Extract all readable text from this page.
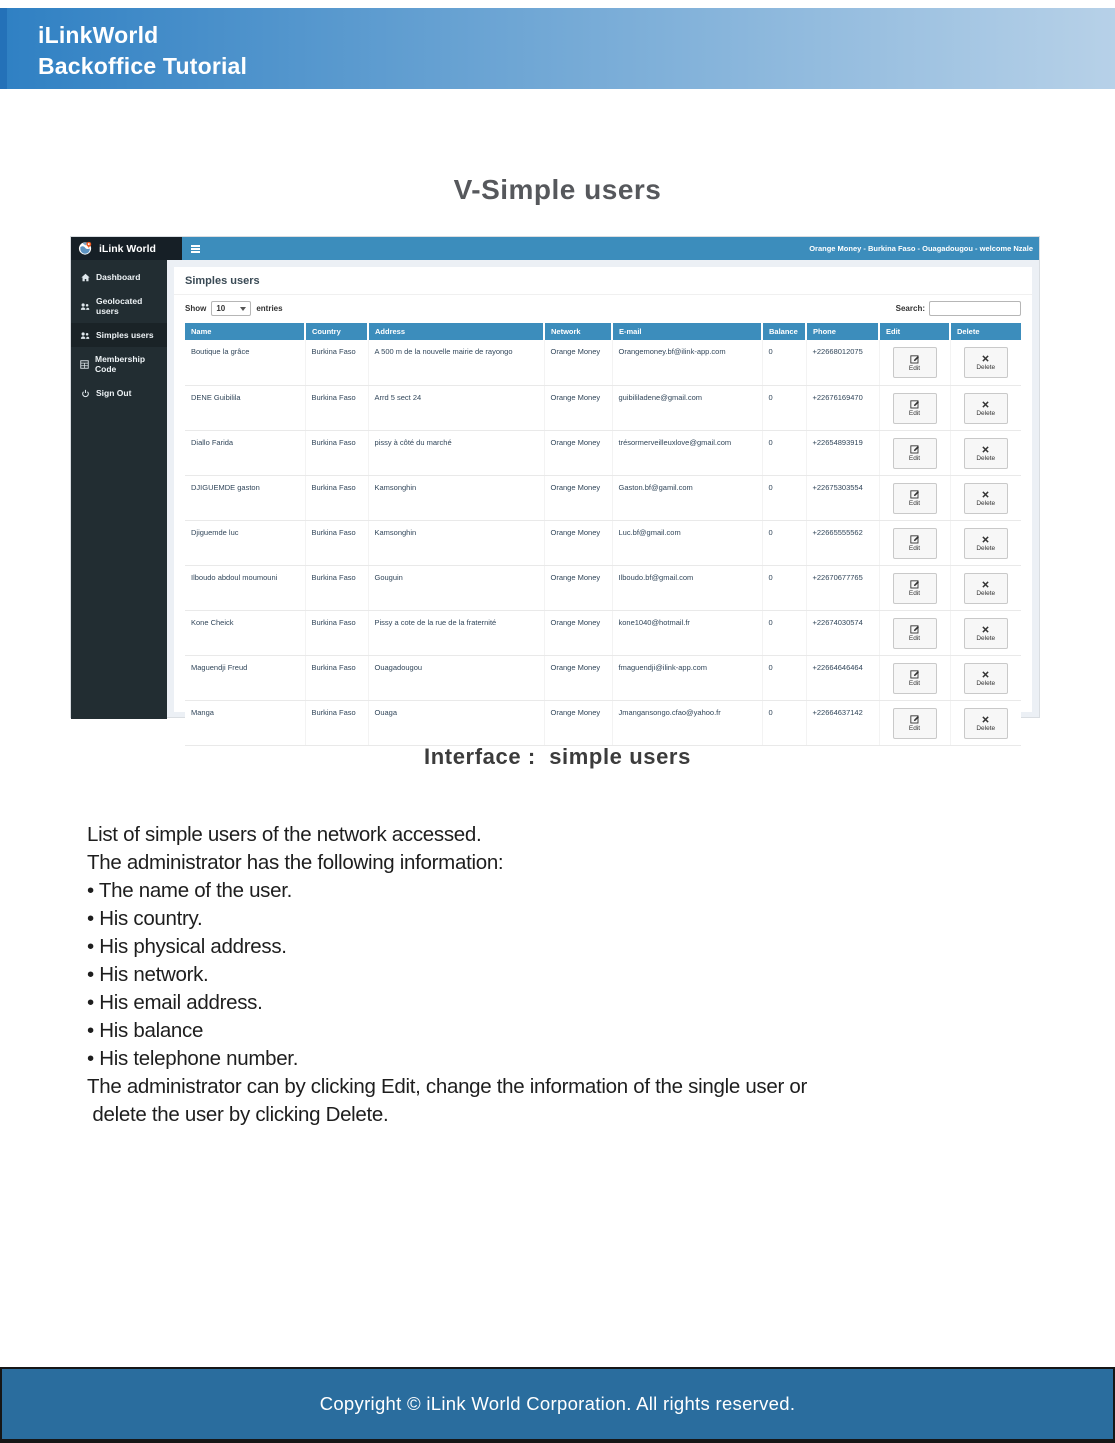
iLinkWorld
Backoffice Tutorial
V-Simple users
iLink World	Orange Money - Burkina Faso - Ouagadougou - welcome Nzale
Dashboard
Geolocated users
Simples users
Membership Code
Sign Out
Simples users
Show 10	entries	Search:
Name	Country	Address	Network	E-mail	Balance	Phone	Edit	Delete
Boutique la grâce	Burkina Faso	A 500 m de la nouvelle mairie de rayongo	Orange Money	Orangemoney.bf@ilink-app.com	0	+22668012075	Edit	Delete

DENE Guibilila	Burkina Faso	Arrd 5 sect 24	Orange Money	guibililadene@gmail.com	0	+22676169470	Edit	Delete

Diallo Farida	Burkina Faso	pissy à côté du marché	Orange Money	trésormerveilleuxlove@gmail.com	0	+22654893919	Edit	Delete

DJIGUEMDE gaston	Burkina Faso	Kamsonghin	Orange Money	Gaston.bf@gamil.com	0	+22675303554	Edit	Delete

Djiguemde luc	Burkina Faso	Kamsonghin	Orange Money	Luc.bf@gmail.com	0	+22665555562	Edit	Delete

Ilboudo abdoul moumouni	Burkina Faso	Gouguin	Orange Money	Ilboudo.bf@gmail.com	0	+22670677765	Edit	Delete

Kone Cheick	Burkina Faso	Pissy a cote de la rue de la fraternité	Orange Money	kone1040@hotmail.fr	0	+22674030574	Edit	Delete

Maguendji Freud	Burkina Faso	Ouagadougou	Orange Money	fmaguendji@ilink-app.com	0	+22664646464	Edit	Delete

Manga	Burkina Faso	Ouaga	Orange Money	Jmangansongo.cfao@yahoo.fr	0	+22664637142	Edit	Delete
Interface :  simple users
List of simple users of the network accessed.
The administrator has the following information:
• The name of the user.
• His country.
• His physical address.
• His network.
• His email address.
• His balance
• His telephone number.
The administrator can by clicking Edit, change the information of the single user or
delete the user by clicking Delete.
Copyright © iLink World Corporation. All rights reserved.
